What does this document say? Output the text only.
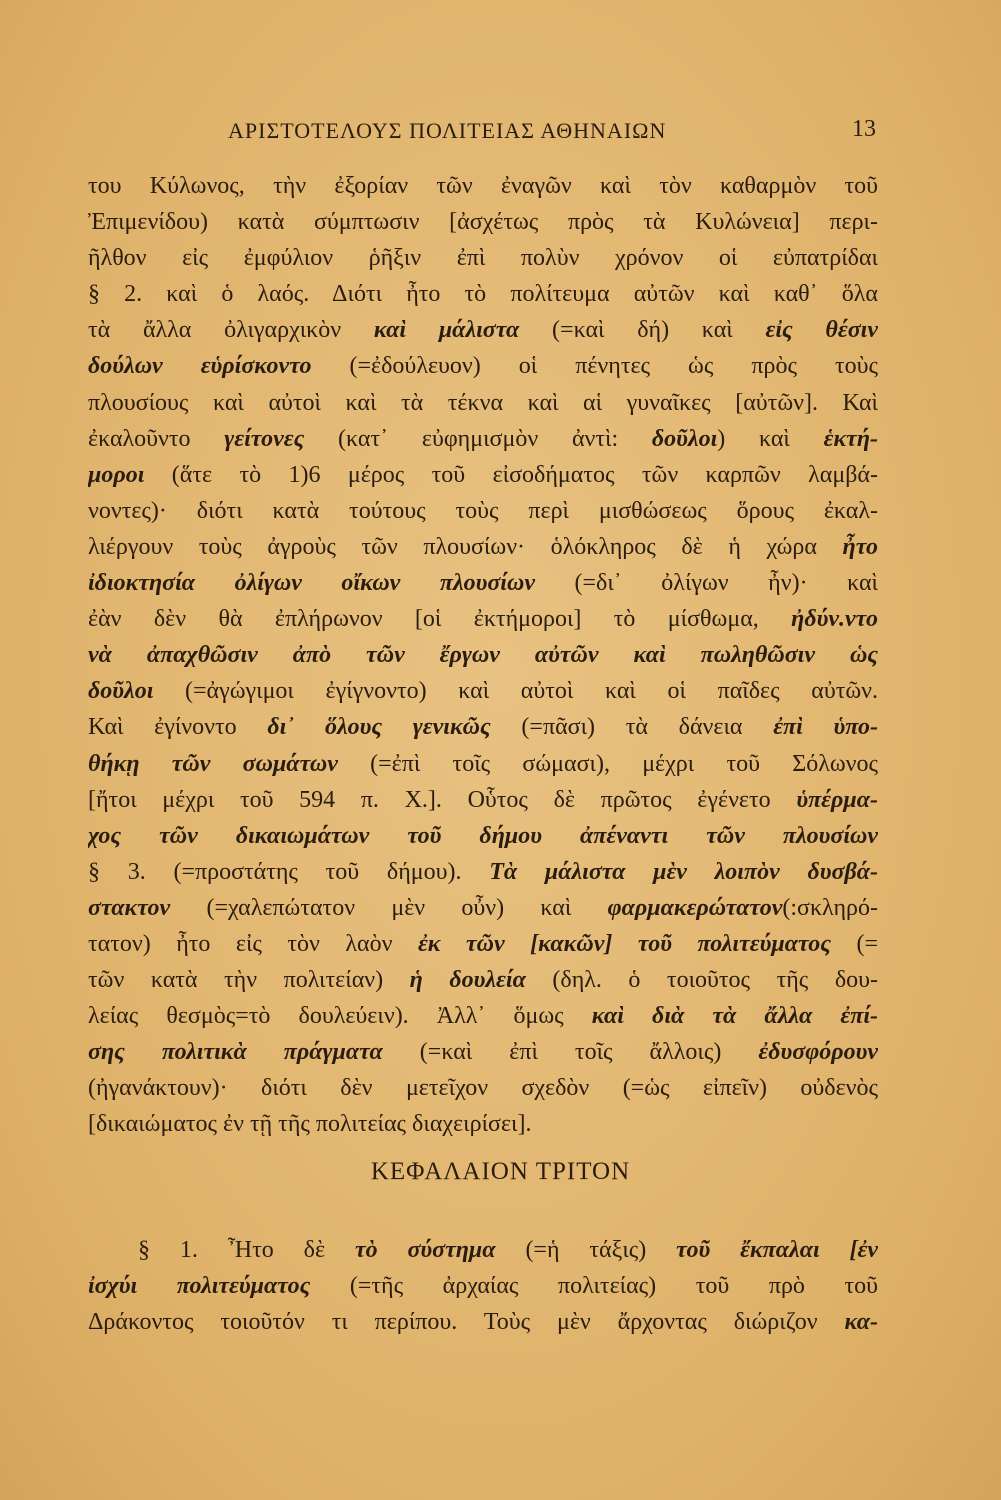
ΑΡΙΣΤΟΤΕΛΟΥΣ ΠΟΛΙΤΕΙΑΣ ΑΘΗΝΑΙΩΝ	13
του Κύλωνος, τὴν ἐξορίαν τῶν ἐναγῶν καὶ τὸν καθαρμὸν τοῦ
Ἐπιμενίδου) κατὰ σύμπτωσιν [ἀσχέτως πρὸς τὰ Κυλώνεια] περι-
ῆλθον εἰς ἐμφύλιον ῥῆξιν ἐπὶ πολὺν χρόνον οἱ εὐπατρίδαι
§ 2. καὶ ὁ λαός. Διότι ἦτο τὸ πολίτευμα αὐτῶν καὶ καθ᾽ ὅλα
τὰ ἄλλα ὀλιγαρχικὸν καὶ μάλιστα (=καὶ δή) καὶ εἰς θέσιν
δούλων εὑρίσκοντο (=ἐδούλευον) οἱ πένητες ὡς πρὸς τοὺς
πλουσίους καὶ αὐτοὶ καὶ τὰ τέκνα καὶ αἱ γυναῖκες [αὐτῶν]. Καὶ
ἐκαλοῦντο γείτονες (κατ᾽ εὐφημισμὸν ἀντὶ: δοῦλοι) καὶ ἑκτή-
μοροι (ἅτε τὸ 1)6 μέρος τοῦ εἰσοδήματος τῶν καρπῶν λαμβά-
νοντες)· διότι κατὰ τούτους τοὺς περὶ μισθώσεως ὅρους ἐκαλ-
λιέργουν τοὺς ἀγροὺς τῶν πλουσίων· ὁλόκληρος δὲ ἡ χώρα ἦτο
ἰδιοκτησία ὀλίγων οἴκων πλουσίων (=δι᾽ ὀλίγων ἦν)· καὶ
ἐὰν δὲν θὰ ἐπλήρωνον [οἱ ἐκτήμοροι] τὸ μίσθωμα, ἠδύν.ντο
νὰ ἀπαχθῶσιν ἀπὸ τῶν ἔργων αὐτῶν καὶ πωληθῶσιν ὡς
δοῦλοι (=ἀγώγιμοι ἐγίγνοντο) καὶ αὐτοὶ καὶ οἱ παῖδες αὐτῶν.
Καὶ ἐγίνοντο δι᾽ ὅλους γενικῶς (=πᾶσι) τὰ δάνεια ἐπὶ ὑπο-
θήκῃ τῶν σωμάτων (=ἐπὶ τοῖς σώμασι), μέχρι τοῦ Σόλωνος
[ἤτοι μέχρι τοῦ 594 π. Χ.]. Οὗτος δὲ πρῶτος ἐγένετο ὑπέρμα-
χος τῶν δικαιωμάτων τοῦ δήμου ἀπέναντι τῶν πλουσίων
§ 3. (=προστάτης τοῦ δήμου). Τὰ μάλιστα μὲν λοιπὸν δυσβά-
στακτον (=χαλεπώτατον μὲν οὖν) καὶ φαρμακερώτατον(:σκληρό-
τατον) ἦτο εἰς τὸν λαὸν ἐκ τῶν [κακῶν] τοῦ πολιτεύματος (=
τῶν κατὰ τὴν πολιτείαν) ἡ δουλεία (δηλ. ὁ τοιοῦτος τῆς δου-
λείας θεσμὸς=τὸ δουλεύειν). Ἀλλ᾽ ὅμως καὶ διὰ τὰ ἄλλα ἐπί-
σης πολιτικὰ πράγματα (=καὶ ἐπὶ τοῖς ἄλλοις) ἐδυσφόρουν
(ἠγανάκτουν)· διότι δὲν μετεῖχον σχεδὸν (=ὡς εἰπεῖν) οὐδενὸς
[δικαιώματος ἐν τῇ τῆς πολιτείας διαχειρίσει].
ΚΕΦΑΛΑΙΟΝ ΤΡΙΤΟΝ
§ 1. Ἦτο δὲ τὸ σύστημα (=ἡ τάξις) τοῦ ἔκπαλαι [ἐν
ἰσχύι πολιτεύματος (=τῆς ἀρχαίας πολιτείας) τοῦ πρὸ τοῦ
Δράκοντος τοιοῦτόν τι περίπου. Τοὺς μὲν ἄρχοντας διώριζον κα-
